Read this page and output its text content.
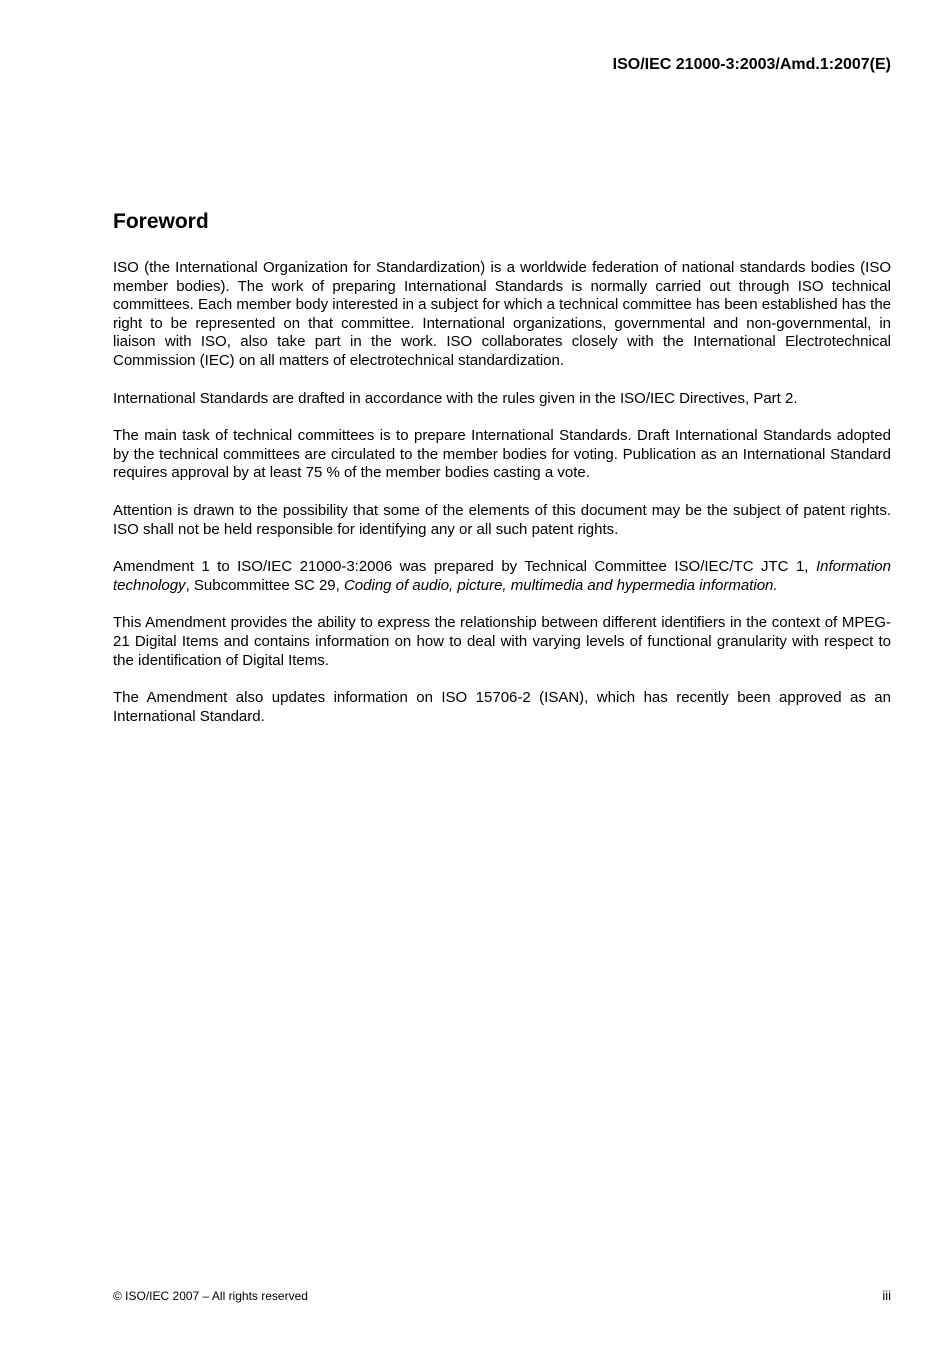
ISO/IEC 21000-3:2003/Amd.1:2007(E)

Foreword

ISO (the International Organization for Standardization) is a worldwide federation of national standards bodies (ISO member bodies). The work of preparing International Standards is normally carried out through ISO technical committees. Each member body interested in a subject for which a technical committee has been established has the right to be represented on that committee. International organizations, governmental and non-governmental, in liaison with ISO, also take part in the work. ISO collaborates closely with the International Electrotechnical Commission (IEC) on all matters of electrotechnical standardization.

International Standards are drafted in accordance with the rules given in the ISO/IEC Directives, Part 2.

The main task of technical committees is to prepare International Standards. Draft International Standards adopted by the technical committees are circulated to the member bodies for voting. Publication as an International Standard requires approval by at least 75 % of the member bodies casting a vote.

Attention is drawn to the possibility that some of the elements of this document may be the subject of patent rights. ISO shall not be held responsible for identifying any or all such patent rights.

Amendment 1 to ISO/IEC 21000-3:2006 was prepared by Technical Committee ISO/IEC/TC JTC 1, Information technology, Subcommittee SC 29, Coding of audio, picture, multimedia and hypermedia information.

This Amendment provides the ability to express the relationship between different identifiers in the context of MPEG-21 Digital Items and contains information on how to deal with varying levels of functional granularity with respect to the identification of Digital Items.

The Amendment also updates information on ISO 15706-2 (ISAN), which has recently been approved as an International Standard.

© ISO/IEC 2007 – All rights reserved	iii
